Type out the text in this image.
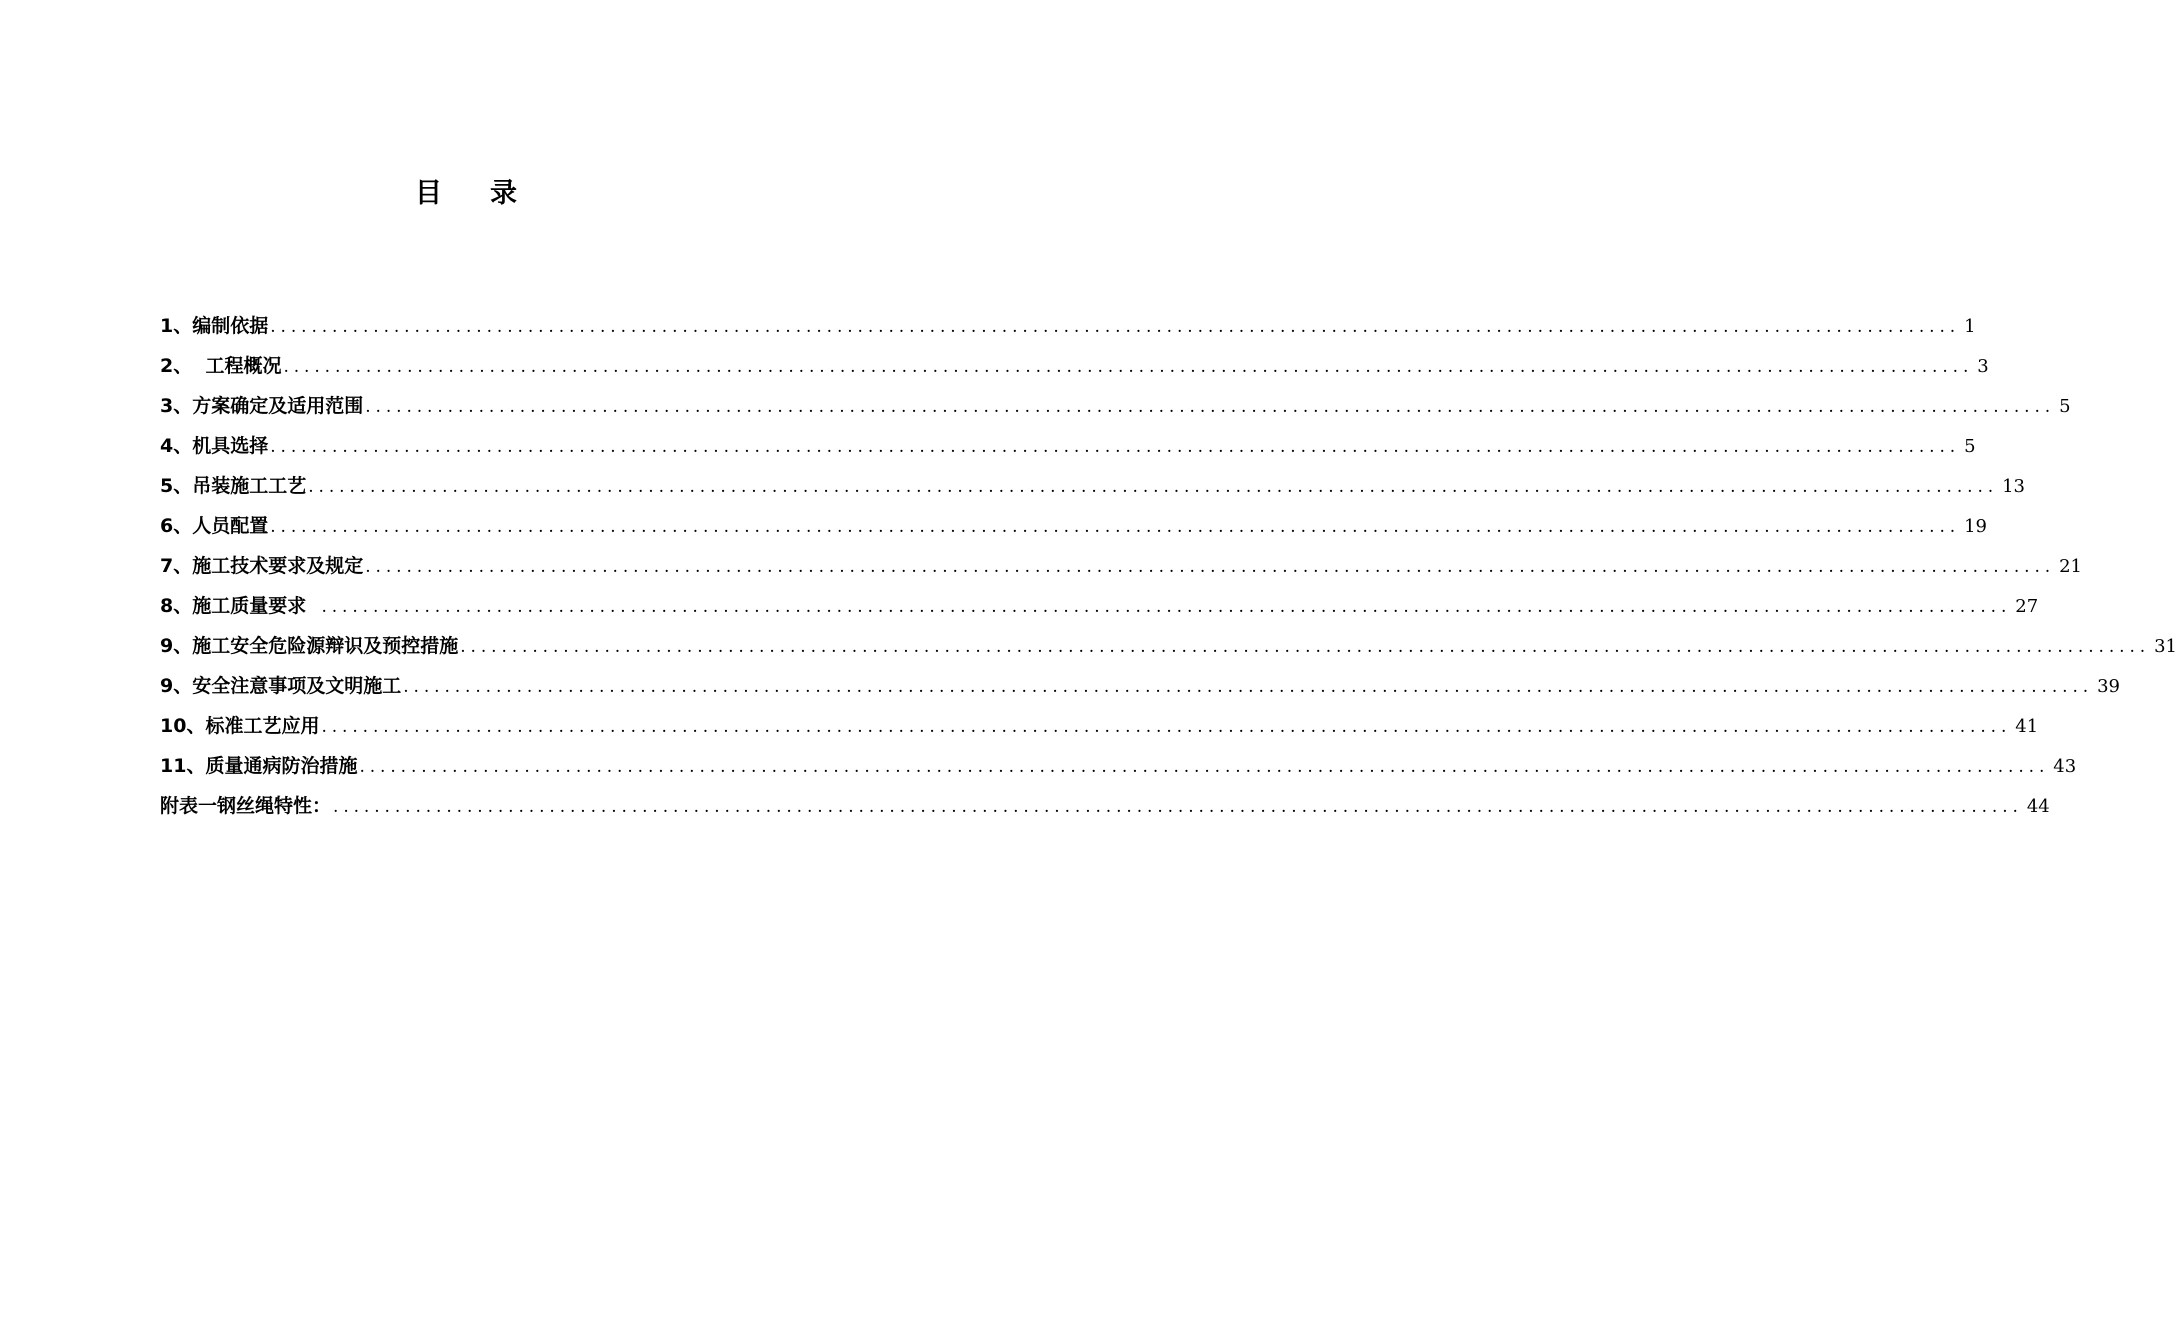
目录
1、编制依据 .................................................................................................................................................................... 1
2、  工程概况 .................................................................................................................................................................... 3
3、方案确定及适用范围 .................................................................................................................................................................... 5
4、机具选择 .................................................................................................................................................................... 5
5、吊装施工工艺 .................................................................................................................................................................... 13
6、人员配置 .................................................................................................................................................................... 19
7、施工技术要求及规定 .................................................................................................................................................................... 21
8、施工质量要求 .................................................................................................................................................................... 27
9、施工安全危险源辩识及预控措施 .................................................................................................................................................................... 31
9、安全注意事项及文明施工 .................................................................................................................................................................... 39
10、标准工艺应用 .................................................................................................................................................................... 41
11、质量通病防治措施 .................................................................................................................................................................... 43
附表一钢丝绳特性： .................................................................................................................................................................... 44
